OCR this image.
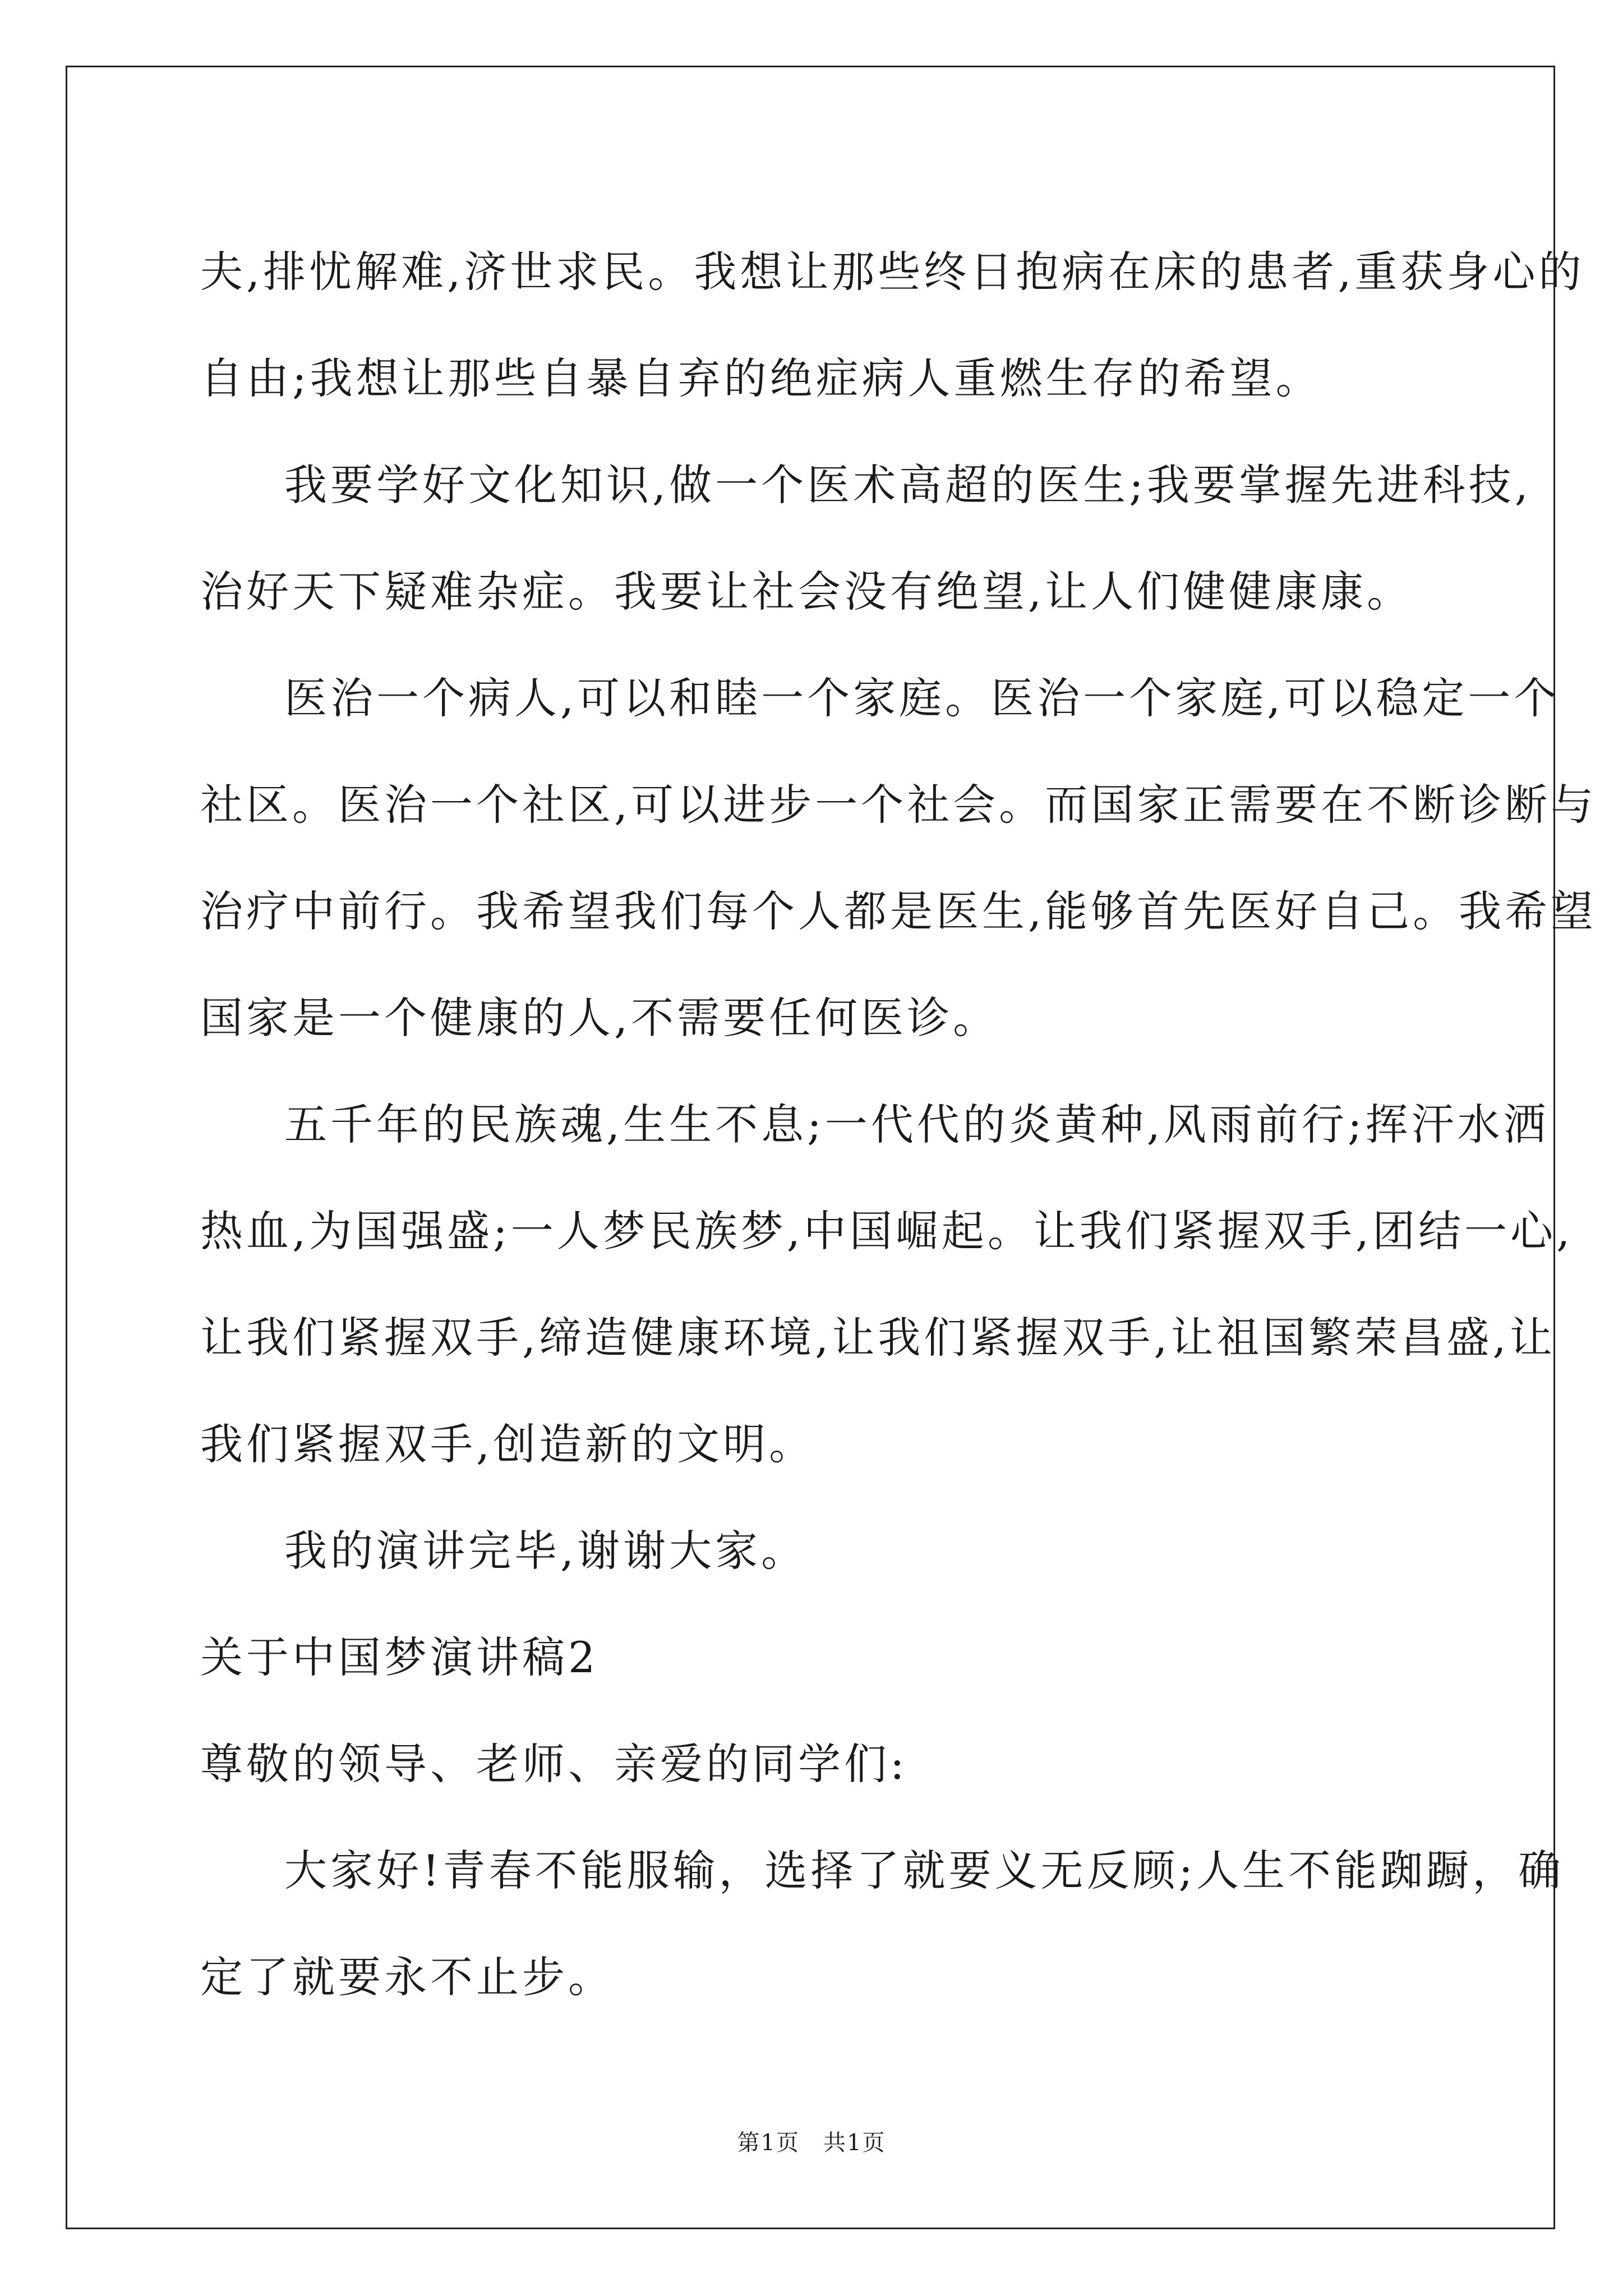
夫,排忧解难,济世求民。我想让那些终日抱病在床的患者,重获身心的
自由;我想让那些自暴自弃的绝症病人重燃生存的希望。
我要学好文化知识,做一个医术高超的医生;我要掌握先进科技,
治好天下疑难杂症。我要让社会没有绝望,让人们健健康康。
医治一个病人,可以和睦一个家庭。医治一个家庭,可以稳定一个
社区。医治一个社区,可以进步一个社会。而国家正需要在不断诊断与
治疗中前行。我希望我们每个人都是医生,能够首先医好自己。我希望
国家是一个健康的人,不需要任何医诊。
五千年的民族魂,生生不息;一代代的炎黄种,风雨前行;挥汗水洒
热血,为国强盛;一人梦民族梦,中国崛起。让我们紧握双手,团结一心,
让我们紧握双手,缔造健康环境,让我们紧握双手,让祖国繁荣昌盛,让
我们紧握双手,创造新的文明。
我的演讲完毕,谢谢大家。
关于中国梦演讲稿2
尊敬的领导、老师、亲爱的同学们:
大家好!青春不能服输，选择了就要义无反顾;人生不能踟蹰，确
定了就要永不止步。
第1页　共1页
